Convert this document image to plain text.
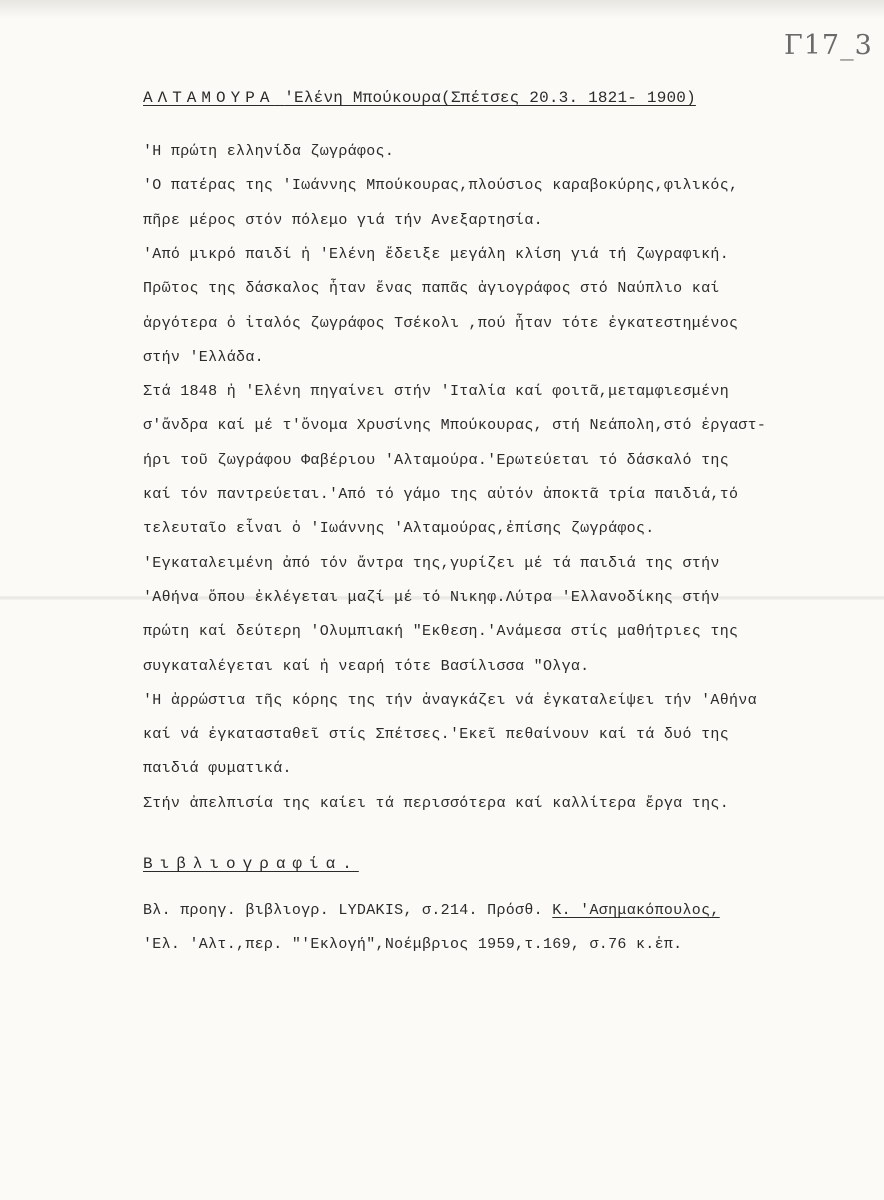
Γ17_3
ΑΛΤΑΜΟΥΡΑ 'Ελένη Μπούκουρα(Σπέτσες 20.3. 1821- 1900)
'Η πρώτη ελληνίδα ζωγράφος.
'Ο πατέρας της 'Ιωάννης Μπούκουρας,πλούσιος καραβοκύρης,φιλικός,
πῆρε μέρος στόν πόλεμο γιά τήν Ανεξαρτησία.
'Από μικρό παιδί ἡ 'Ελένη ἔδειξε μεγάλη κλίση γιά τή ζωγραφική.
Πρῶτος της δάσκαλος ἦταν ἕνας παπᾶς ἀγιογράφος στό Ναύπλιο καί
ἀργότερα ὁ ἰταλός ζωγράφος Τσέκολι ,πού ἦταν τότε ἐγκατεστημένος
στήν 'Ελλάδα.
Στά 1848 ἡ 'Ελένη πηγαίνει στήν 'Ιταλία καί φοιτᾶ,μεταμφιεσμένη
σ'ἄνδρα καί μέ τ'ὄνομα Χρυσίνης Μπούκουρας, στή Νεάπολη,στό ἐργαστ-
ήρι τοῦ ζωγράφου Φαβέριου 'Αλταμούρα.'Ερωτεύεται τό δάσκαλό της
καί τόν παντρεύεται.'Από τό γάμο της αὐτόν ἀποκτᾶ τρία παιδιά,τό
τελευταῖο εἶναι ὁ 'Ιωάννης 'Αλταμούρας,ἐπίσης ζωγράφος.
'Εγκαταλειμένη ἀπό τόν ἄντρα της,γυρίζει μέ τά παιδιά της στήν
'Αθήνα ὅπου ἐκλέγεται μαζί μέ τό Νικηφ.Λύτρα 'Ελλανοδίκης στήν
πρώτη καί δεύτερη 'Ολυμπιακή "Εκθεση.'Ανάμεσα στίς μαθήτριες της
συγκαταλέγεται καί ἡ νεαρή τότε Βασίλισσα "Ολγα.
'Η ἀρρώστια τῆς κόρης της τήν ἀναγκάζει νά ἐγκαταλείψει τήν 'Αθήνα
καί νά ἐγκατασταθεῖ στίς Σπέτσες.'Εκεῖ πεθαίνουν καί τά δυό της
παιδιά φυματικά.
Στήν ἀπελπισία της καίει τά περισσότερα καί καλλίτερα ἔργα της.
Βιβλιογραφία.
Βλ. προηγ. βιβλιογρ. LYDAKIS, σ.214. Πρόσθ. Κ. 'Ασημακόπουλος,
'Ελ. 'Αλτ.,περ. "'Εκλογή",Νοέμβριος 1959,τ.169, σ.76 κ.ἑπ.
